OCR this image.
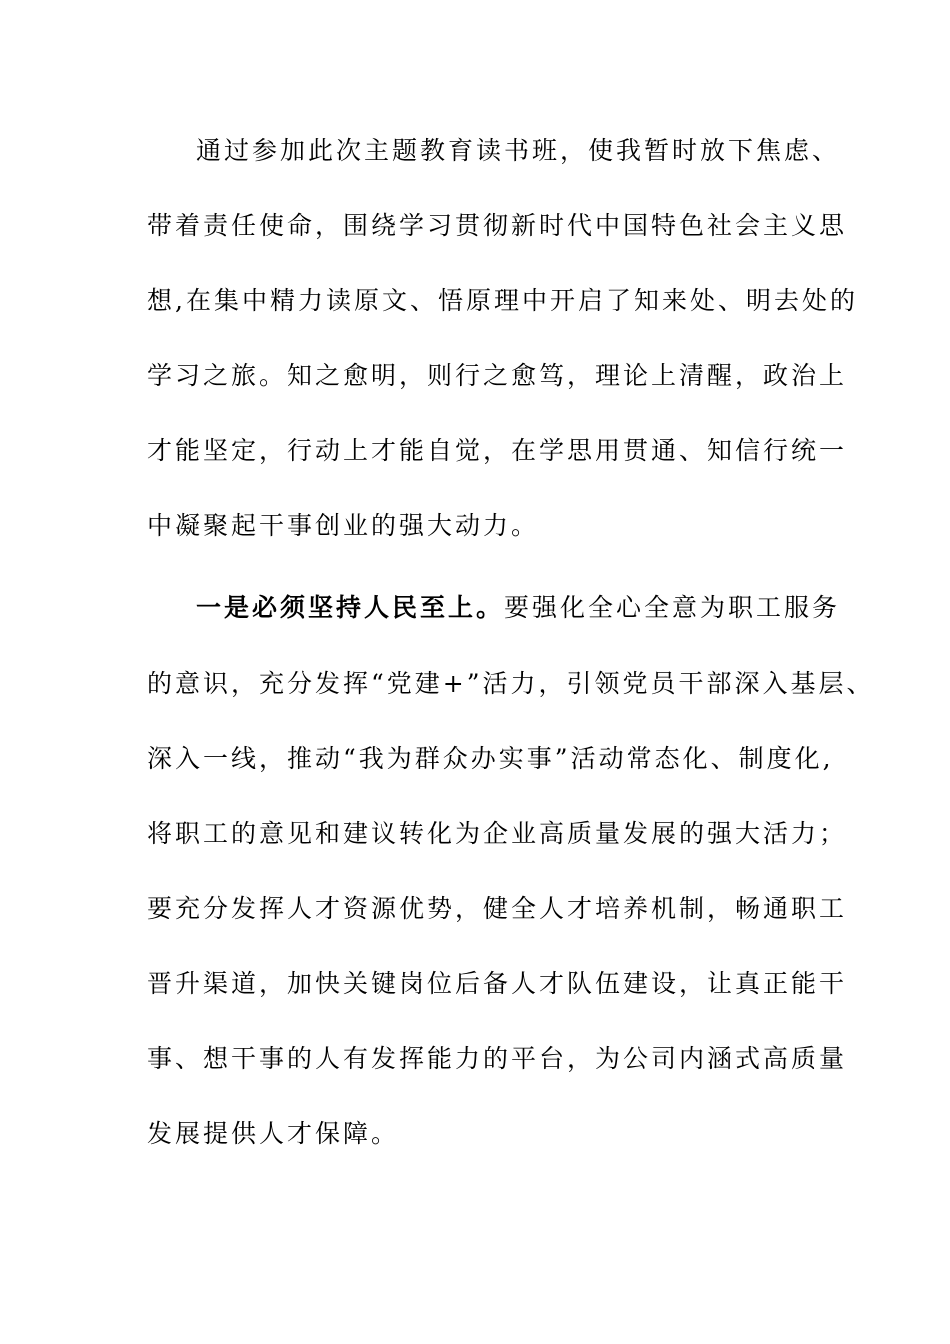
通过参加此次主题教育读书班，使我暂时放下焦虑、
带着责任使命，围绕学习贯彻新时代中国特色社会主义思
想,在集中精力读原文、悟原理中开启了知来处、明去处的
学习之旅。知之愈明，则行之愈笃，理论上清醒，政治上
才能坚定，行动上才能自觉，在学思用贯通、知信行统一
中凝聚起干事创业的强大动力。
一是必须坚持人民至上。要强化全心全意为职工服务
的意识，充分发挥“党建+”活力，引领党员干部深入基层、
深入一线，推动“我为群众办实事”活动常态化、制度化,
将职工的意见和建议转化为企业高质量发展的强大活力；
要充分发挥人才资源优势，健全人才培养机制，畅通职工
晋升渠道，加快关键岗位后备人才队伍建设，让真正能干
事、想干事的人有发挥能力的平台，为公司内涵式高质量
发展提供人才保障。
